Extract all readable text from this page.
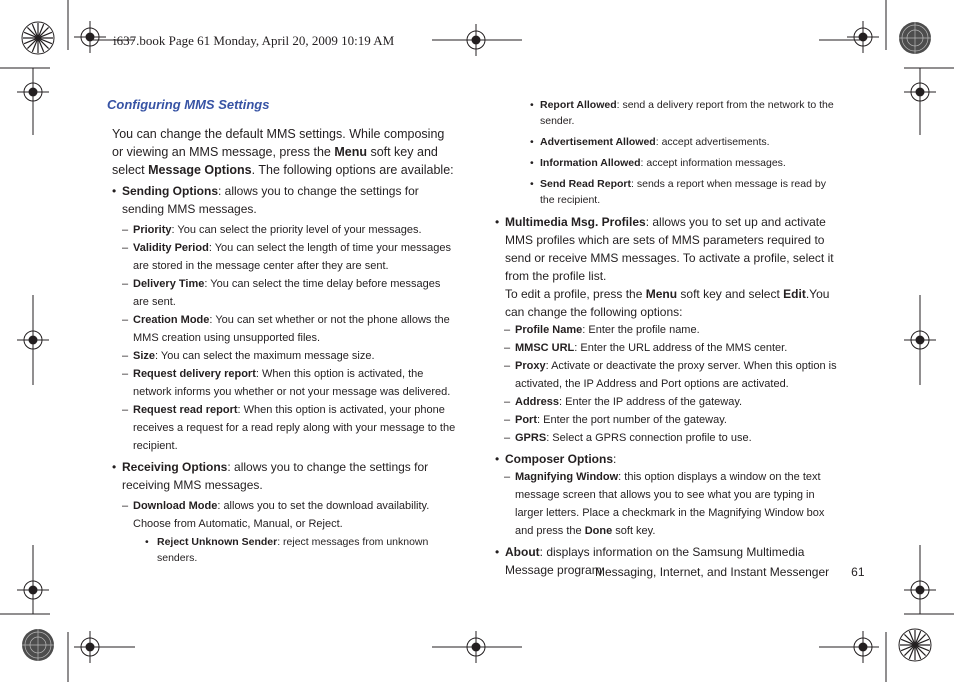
i637.book Page 61 Monday, April 20, 2009 10:19 AM
Configuring MMS Settings

You can change the default MMS settings. While composing or viewing an MMS message, press the Menu soft key and select Message Options. The following options are available:

• Sending Options: allows you to change the settings for sending MMS messages.

– Priority: You can select the priority level of your messages.

– Validity Period: You can select the length of time your messages are stored in the message center after they are sent.

– Delivery Time: You can select the time delay before messages are sent.

– Creation Mode: You can set whether or not the phone allows the MMS creation using unsupported files.

– Size: You can select the maximum message size.

– Request delivery report: When this option is activated, the network informs you whether or not your message was delivered.

– Request read report: When this option is activated, your phone receives a request for a read reply along with your message to the recipient.

• Receiving Options: allows you to change the settings for receiving MMS messages.

– Download Mode: allows you to set the download availability. Choose from Automatic, Manual, or Reject.

• Reject Unknown Sender: reject messages from unknown senders.

• Report Allowed: send a delivery report from the network to the sender.

• Advertisement Allowed: accept advertisements.

• Information Allowed: accept information messages.

• Send Read Report: sends a report when message is read by the recipient.

• Multimedia Msg. Profiles: allows you to set up and activate MMS profiles which are sets of MMS parameters required to send or receive MMS messages. To activate a profile, select it from the profile list.

To edit a profile, press the Menu soft key and select Edit.You can change the following options:

– Profile Name: Enter the profile name.

– MMSC URL: Enter the URL address of the MMS center.

– Proxy: Activate or deactivate the proxy server. When this option is activated, the IP Address and Port options are activated.

– Address: Enter the IP address of the gateway.

– Port: Enter the port number of the gateway.

– GPRS: Select a GPRS connection profile to use.

• Composer Options:

– Magnifying Window: this option displays a window on the text message screen that allows you to see what you are typing in larger letters. Place a checkmark in the Magnifying Window box and press the Done soft key.

• About: displays information on the Samsung Multimedia Message program.

Messaging, Internet, and Instant Messenger 61
